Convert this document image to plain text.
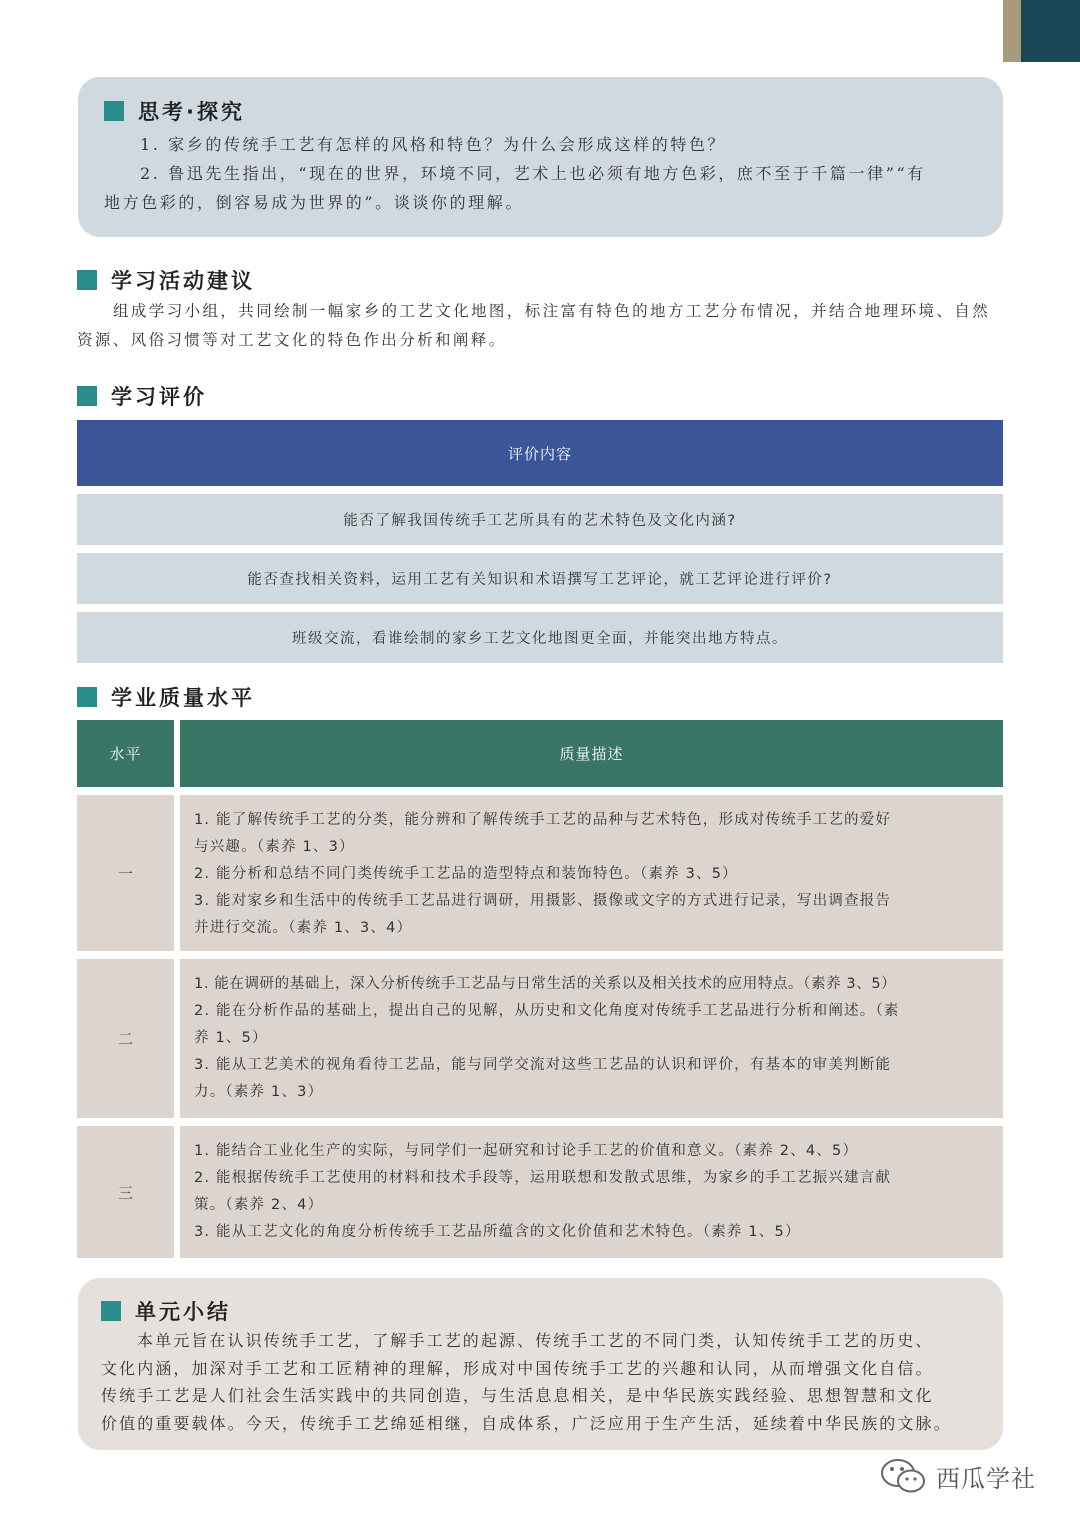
思考·探究
1. 家乡的传统手工艺有怎样的风格和特色？为什么会形成这样的特色？
2. 鲁迅先生指出，“现在的世界，环境不同，艺术上也必须有地方色彩，庶不至于千篇一律”“有
地方色彩的，倒容易成为世界的”。谈谈你的理解。
学习活动建议
组成学习小组，共同绘制一幅家乡的工艺文化地图，标注富有特色的地方工艺分布情况，并结合地理环境、自然
资源、风俗习惯等对工艺文化的特色作出分析和阐释。
学习评价
评价内容
能否了解我国传统手工艺所具有的艺术特色及文化内涵?
能否查找相关资料，运用工艺有关知识和术语撰写工艺评论，就工艺评论进行评价?
班级交流，看谁绘制的家乡工艺文化地图更全面，并能突出地方特点。
学业质量水平
水平	质量描述
一
1. 能了解传统手工艺的分类，能分辨和了解传统手工艺的品种与艺术特色，形成对传统手工艺的爱好
与兴趣。（素养 1、3）
2. 能分析和总结不同门类传统手工艺品的造型特点和装饰特色。（素养 3、5）
3. 能对家乡和生活中的传统手工艺品进行调研，用摄影、摄像或文字的方式进行记录，写出调查报告
并进行交流。（素养 1、3、4）
二
1. 能在调研的基础上，深入分析传统手工艺品与日常生活的关系以及相关技术的应用特点。（素养 3、5）
2. 能在分析作品的基础上，提出自己的见解，从历史和文化角度对传统手工艺品进行分析和阐述。（素
养 1、5）
3. 能从工艺美术的视角看待工艺品，能与同学交流对这些工艺品的认识和评价，有基本的审美判断能
力。（素养 1、3）
三
1. 能结合工业化生产的实际，与同学们一起研究和讨论手工艺的价值和意义。（素养 2、4、5）
2. 能根据传统手工艺使用的材料和技术手段等，运用联想和发散式思维，为家乡的手工艺振兴建言献
策。（素养 2、4）
3. 能从工艺文化的角度分析传统手工艺品所蕴含的文化价值和艺术特色。（素养 1、5）
单元小结
本单元旨在认识传统手工艺，了解手工艺的起源、传统手工艺的不同门类，认知传统手工艺的历史、
文化内涵，加深对手工艺和工匠精神的理解，形成对中国传统手工艺的兴趣和认同，从而增强文化自信。
传统手工艺是人们社会生活实践中的共同创造，与生活息息相关，是中华民族实践经验、思想智慧和文化
价值的重要载体。今天，传统手工艺绵延相继，自成体系，广泛应用于生产生活，延续着中华民族的文脉。
西瓜学社
